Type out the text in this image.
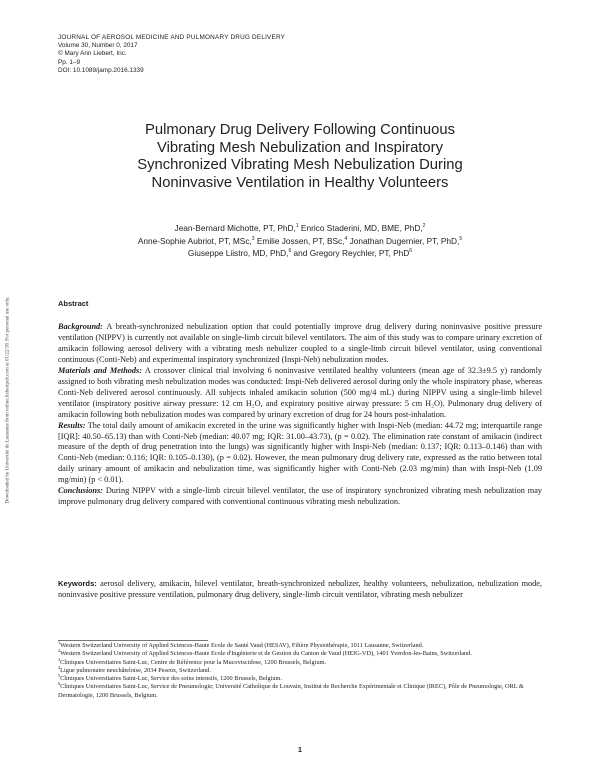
JOURNAL OF AEROSOL MEDICINE AND PULMONARY DRUG DELIVERY
Volume 30, Number 0, 2017
© Mary Ann Liebert, Inc.
Pp. 1–9
DOI: 10.1089/jamp.2016.1339
Downloaded by Université de Lausanne from online.liebertpub.com at 01/22/18. For personal use only.
Pulmonary Drug Delivery Following Continuous
Vibrating Mesh Nebulization and Inspiratory
Synchronized Vibrating Mesh Nebulization During
Noninvasive Ventilation in Healthy Volunteers
Jean-Bernard Michotte, PT, PhD,$^1$ Enrico Staderini, MD, BME, PhD,$^2$
Anne-Sophie Aubriot, PT, MSc,$^3$ Emilie Jossen, PT, BSc,$^4$ Jonathan Dugernier, PT, PhD,$^5$
Giuseppe Liistro, MD, PhD,$^6$ and Gregory Reychler, PT, PhD$^6$
Abstract

Background: A breath-synchronized nebulization option that could potentially improve drug delivery during noninvasive positive pressure ventilation (NIPPV) is currently not available on single-limb circuit bilevel ventilators. The aim of this study was to compare urinary excretion of amikacin following aerosol delivery with a vibrating mesh nebulizer coupled to a single-limb circuit bilevel ventilator, using conventional continuous (Conti-Neb) and experimental inspiratory synchronized (Inspi-Neb) nebulization modes.

Materials and Methods: A crossover clinical trial involving 6 noninvasive ventilated healthy volunteers (mean age of 32.3±9.5 y) randomly assigned to both vibrating mesh nebulization modes was conducted: Inspi-Neb delivered aerosol during only the whole inspiratory phase, whereas Conti-Neb delivered aerosol continuously. All subjects inhaled amikacin solution (500 mg/4 mL) during NIPPV using a single-limb bilevel ventilator (inspiratory positive airway pressure: 12 cm H₂O, and expiratory positive airway pressure: 5 cm H₂O). Pulmonary drug delivery of amikacin following both nebulization modes was compared by urinary excretion of drug for 24 hours post-inhalation.

Results: The total daily amount of amikacin excreted in the urine was significantly higher with Inspi-Neb (median: 44.72 mg; interquartile range [IQR]: 40.50–65.13) than with Conti-Neb (median: 40.07 mg; IQR: 31.00–43.73), (p = 0.02). The elimination rate constant of amikacin (indirect measure of the depth of drug penetration into the lungs) was significantly higher with Inspi-Neb (median: 0.137; IQR: 0.113–0.146) than with Conti-Neb (median: 0.116; IQR: 0.105–0.130), (p = 0.02). However, the mean pulmonary drug delivery rate, expressed as the ratio between total daily urinary amount of amikacin and nebulization time, was significantly higher with Conti-Neb (2.03 mg/min) than with Inspi-Neb (1.09 mg/min) (p < 0.01).

Conclusions: During NIPPV with a single-limb circuit bilevel ventilator, the use of inspiratory synchronized vibrating mesh nebulization may improve pulmonary drug delivery compared with conventional continuous vibrating mesh nebulization.

Keywords: aerosol delivery, amikacin, bilevel ventilator, breath-synchronized nebulizer, healthy volunteers, nebulization, nebulization mode, noninvasive positive pressure ventilation, pulmonary drug delivery, single-limb circuit ventilator, vibrating mesh nebulizer
$^1$Western Switzerland University of Applied Sciences-Haute Ecole de Santé Vaud (HESAV), Filière Physiothérapie, 1011 Lausanne, Switzerland.
$^2$Western Switzerland University of Applied Sciences-Haute Ecole d'Ingénierie et de Gestion du Canton de Vaud (HEIG-VD), 1401 Yverdon-les-Bains, Switzerland.
$^3$Cliniques Universitaires Saint-Luc, Centre de Référence pour la Mucoviscidose, 1200 Brussels, Belgium.
$^4$Ligue pulmonaire neuchâteloise, 2034 Peseux, Switzerland.
$^5$Cliniques Universitaires Saint-Luc, Service des soins intensifs, 1200 Brussels, Belgium.
$^6$Cliniques Universitaires Saint-Luc, Service de Pneumologie; Université Catholique de Louvain, Institut de Recherche Expérimentale et Clinique (IREC), Pôle de Pneumologie, ORL & Dermatologie, 1200 Brussels, Belgium.
1
